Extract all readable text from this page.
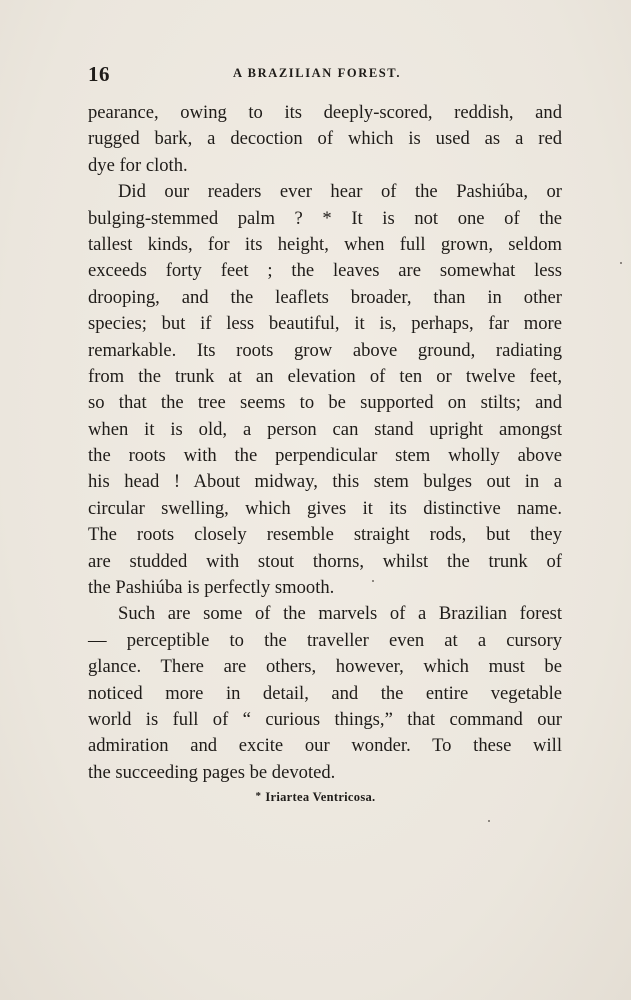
16	A BRAZILIAN FOREST.
pearance, owing to its deeply-scored, reddish, and
rugged bark, a decoction of which is used as a red
dye for cloth.
Did our readers ever hear of the Pashiúba, or
bulging-stemmed palm ? * It is not one of the
tallest kinds, for its height, when full grown, seldom
exceeds forty feet ; the leaves are somewhat less
drooping, and the leaflets broader, than in other
species; but if less beautiful, it is, perhaps, far more
remarkable. Its roots grow above ground, radiating
from the trunk at an elevation of ten or twelve feet,
so that the tree seems to be supported on stilts; and
when it is old, a person can stand upright amongst
the roots with the perpendicular stem wholly above
his head ! About midway, this stem bulges out in a
circular swelling, which gives it its distinctive name.
The roots closely resemble straight rods, but they
are studded with stout thorns, whilst the trunk of
the Pashiúba is perfectly smooth.
Such are some of the marvels of a Brazilian forest
— perceptible to the traveller even at a cursory
glance. There are others, however, which must be
noticed more in detail, and the entire vegetable
world is full of “ curious things,” that command our
admiration and excite our wonder. To these will
the succeeding pages be devoted.
* Iriartea Ventricosa.
